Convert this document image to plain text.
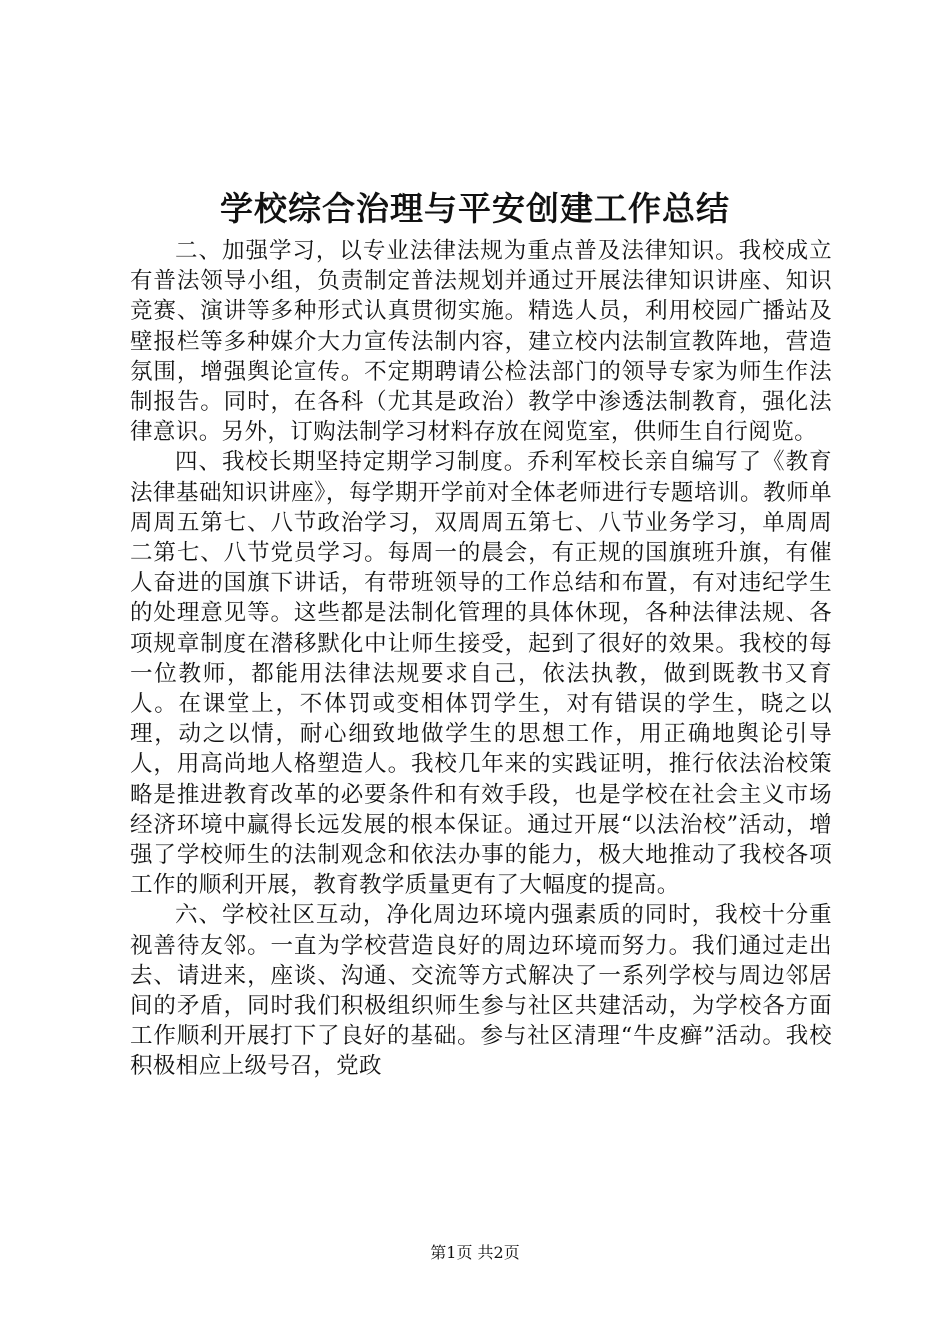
学校综合治理与平安创建工作总结

二、加强学习，以专业法律法规为重点普及法律知识。我校成立有普法领导小组，负责制定普法规划并通过开展法律知识讲座、知识竞赛、演讲等多种形式认真贯彻实施。精选人员，利用校园广播站及壁报栏等多种媒介大力宣传法制内容，建立校内法制宣教阵地，营造氛围，增强舆论宣传。不定期聘请公检法部门的领导专家为师生作法制报告。同时，在各科（尤其是政治）教学中渗透法制教育，强化法律意识。另外，订购法制学习材料存放在阅览室，供师生自行阅览。

四、我校长期坚持定期学习制度。乔利军校长亲自编写了《教育法律基础知识讲座》，每学期开学前对全体老师进行专题培训。教师单周周五第七、八节政治学习，双周周五第七、八节业务学习，单周周二第七、八节党员学习。每周一的晨会，有正规的国旗班升旗，有催人奋进的国旗下讲话，有带班领导的工作总结和布置，有对违纪学生的处理意见等。这些都是法制化管理的具体休现，各种法律法规、各项规章制度在潜移默化中让师生接受，起到了很好的效果。我校的每一位教师，都能用法律法规要求自己，依法执教，做到既教书又育人。在课堂上，不体罚或变相体罚学生，对有错误的学生，晓之以理，动之以情，耐心细致地做学生的思想工作，用正确地舆论引导人，用高尚地人格塑造人。我校几年来的实践证明，推行依法治校策略是推进教育改革的必要条件和有效手段，也是学校在社会主义市场经济环境中赢得长远发展的根本保证。通过开展“以法治校”活动，增强了学校师生的法制观念和依法办事的能力，极大地推动了我校各项工作的顺利开展，教育教学质量更有了大幅度的提高。

六、学校社区互动，净化周边环境内强素质的同时，我校十分重视善待友邻。一直为学校营造良好的周边环境而努力。我们通过走出去、请进来，座谈、沟通、交流等方式解决了一系列学校与周边邻居间的矛盾，同时我们积极组织师生参与社区共建活动，为学校各方面工作顺利开展打下了良好的基础。参与社区清理“牛皮癣”活动。我校积极相应上级号召，党政

第1页 共2页
